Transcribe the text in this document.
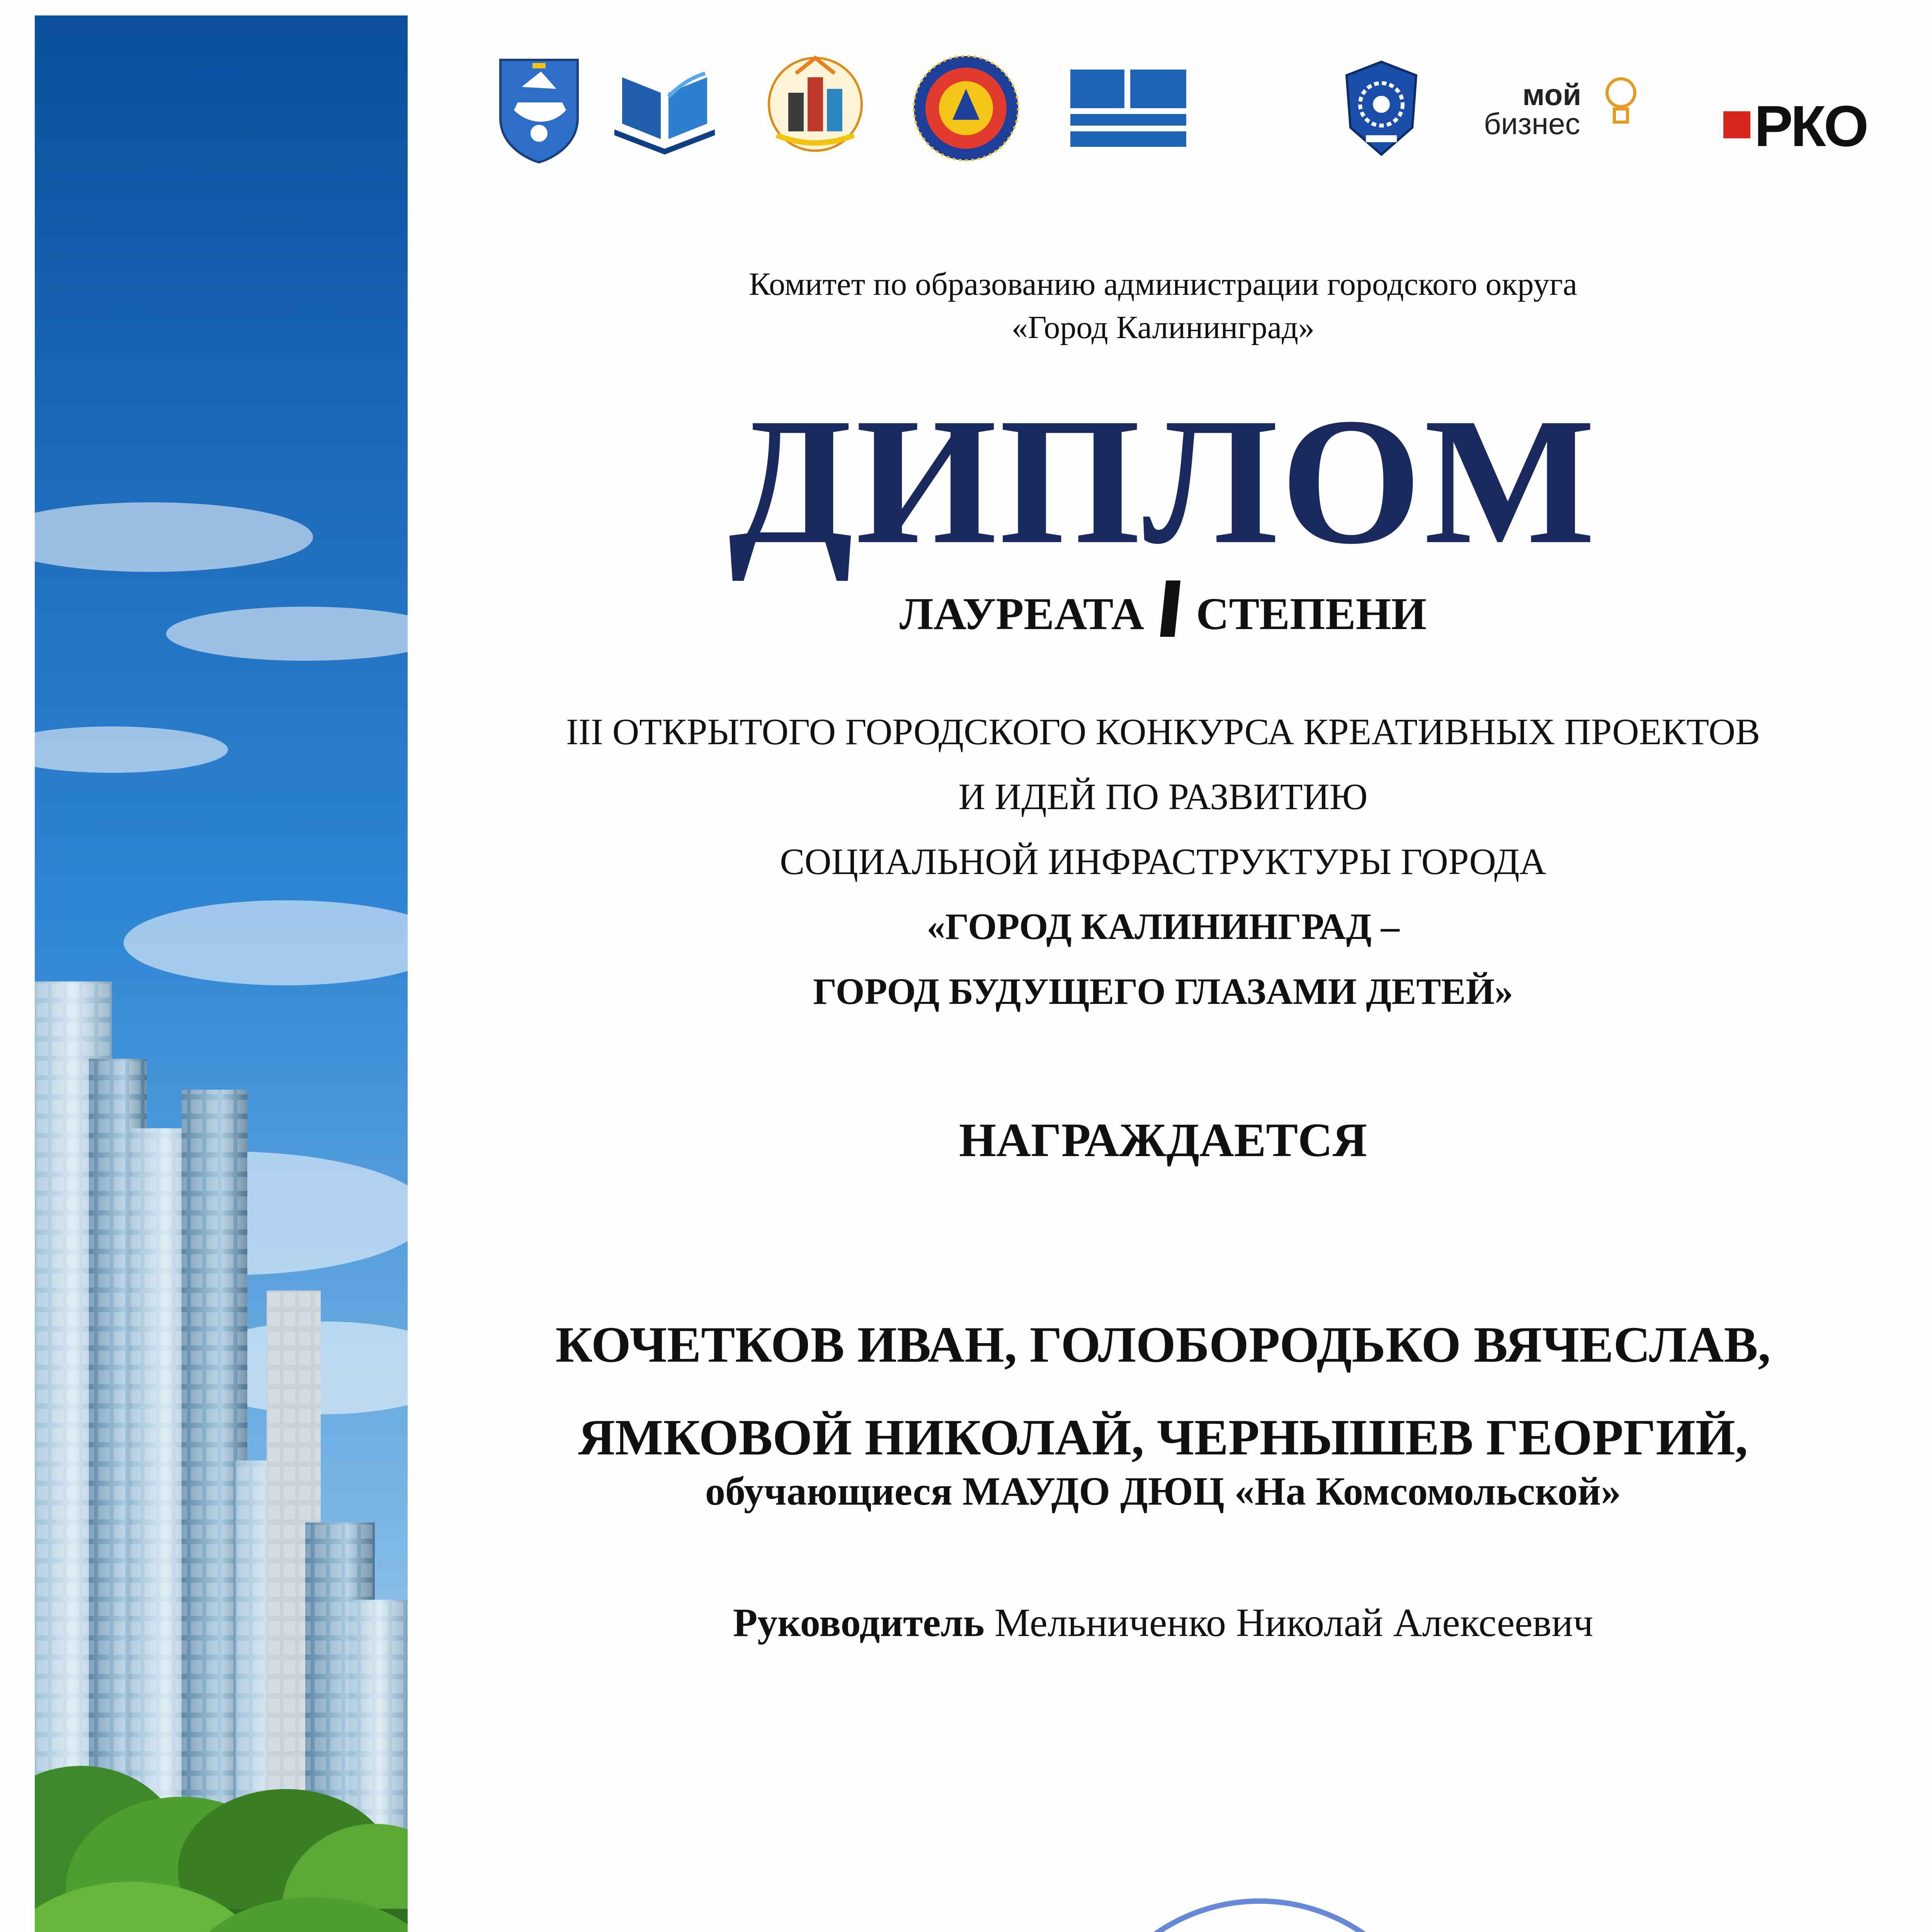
мой
бизнес	РКО
Комитет по образованию администрации городского округа
«Город Калининград»
ДИПЛОМ
ЛАУРЕАТАI СТЕПЕНИ
III ОТКРЫТОГО ГОРОДСКОГО КОНКУРСА КРЕАТИВНЫХ ПРОЕКТОВ
И ИДЕЙ ПО РАЗВИТИЮ
СОЦИАЛЬНОЙ ИНФРАСТРУКТУРЫ ГОРОДА
«ГОРОД КАЛИНИНГРАД –
ГОРОД БУДУЩЕГО ГЛАЗАМИ ДЕТЕЙ»
НАГРАЖДАЕТСЯ
КОЧЕТКОВ ИВАН, ГОЛОБОРОДЬКО ВЯЧЕСЛАВ,
ЯМКОВОЙ НИКОЛАЙ, ЧЕРНЫШЕВ ГЕОРГИЙ,
обучающиеся МАУДО ДЮЦ «На Комсомольской»
Руководитель Мельниченко Николай Алексеевич
